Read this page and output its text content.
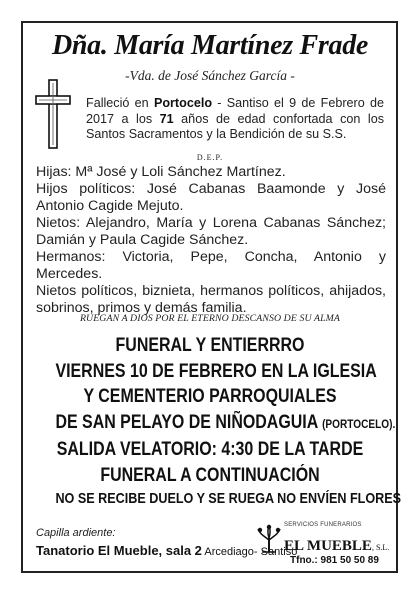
Dña. María Martínez Frade
-Vda. de José Sánchez García -
Falleció en Portocelo - Santiso el 9 de Febrero de 2017 a los 71 años de edad confortada con los Santos Sacramentos y la Bendición de su S.S.
D.E.P.

Hijas: Mª José y Loli Sánchez Martínez.

Hijos políticos: José Cabanas Baamonde y José Antonio Cagide Mejuto.

Nietos: Alejandro, María y Lorena Cabanas Sánchez; Damián y Paula Cagide Sánchez.

Hermanos: Victoria, Pepe, Concha, Antonio y Mercedes.

Nietos políticos, biznieta, hermanos políticos, ahijados, sobrinos, primos y demás familia.

RUEGAN A DIOS POR EL ETERNO DESCANSO DE SU ALMA
FUNERAL Y ENTIERRRO
VIERNES 10 DE FEBRERO EN LA IGLESIA
Y CEMENTERIO PARROQUIALES
DE SAN PELAYO DE NIÑODAGUIA (PORTOCELO).
SALIDA VELATORIO: 4:30 DE LA TARDE
FUNERAL A CONTINUACIÓN
NO SE RECIBE DUELO Y SE RUEGA NO ENVÍEN FLORES
Capilla ardiente:
Tanatorio El Mueble, sala 2 Arcediago- Santiso
SERVICIOS FUNERARIOS
EL MUEBLE, S.L.
Tfno.: 981 50 50 89
